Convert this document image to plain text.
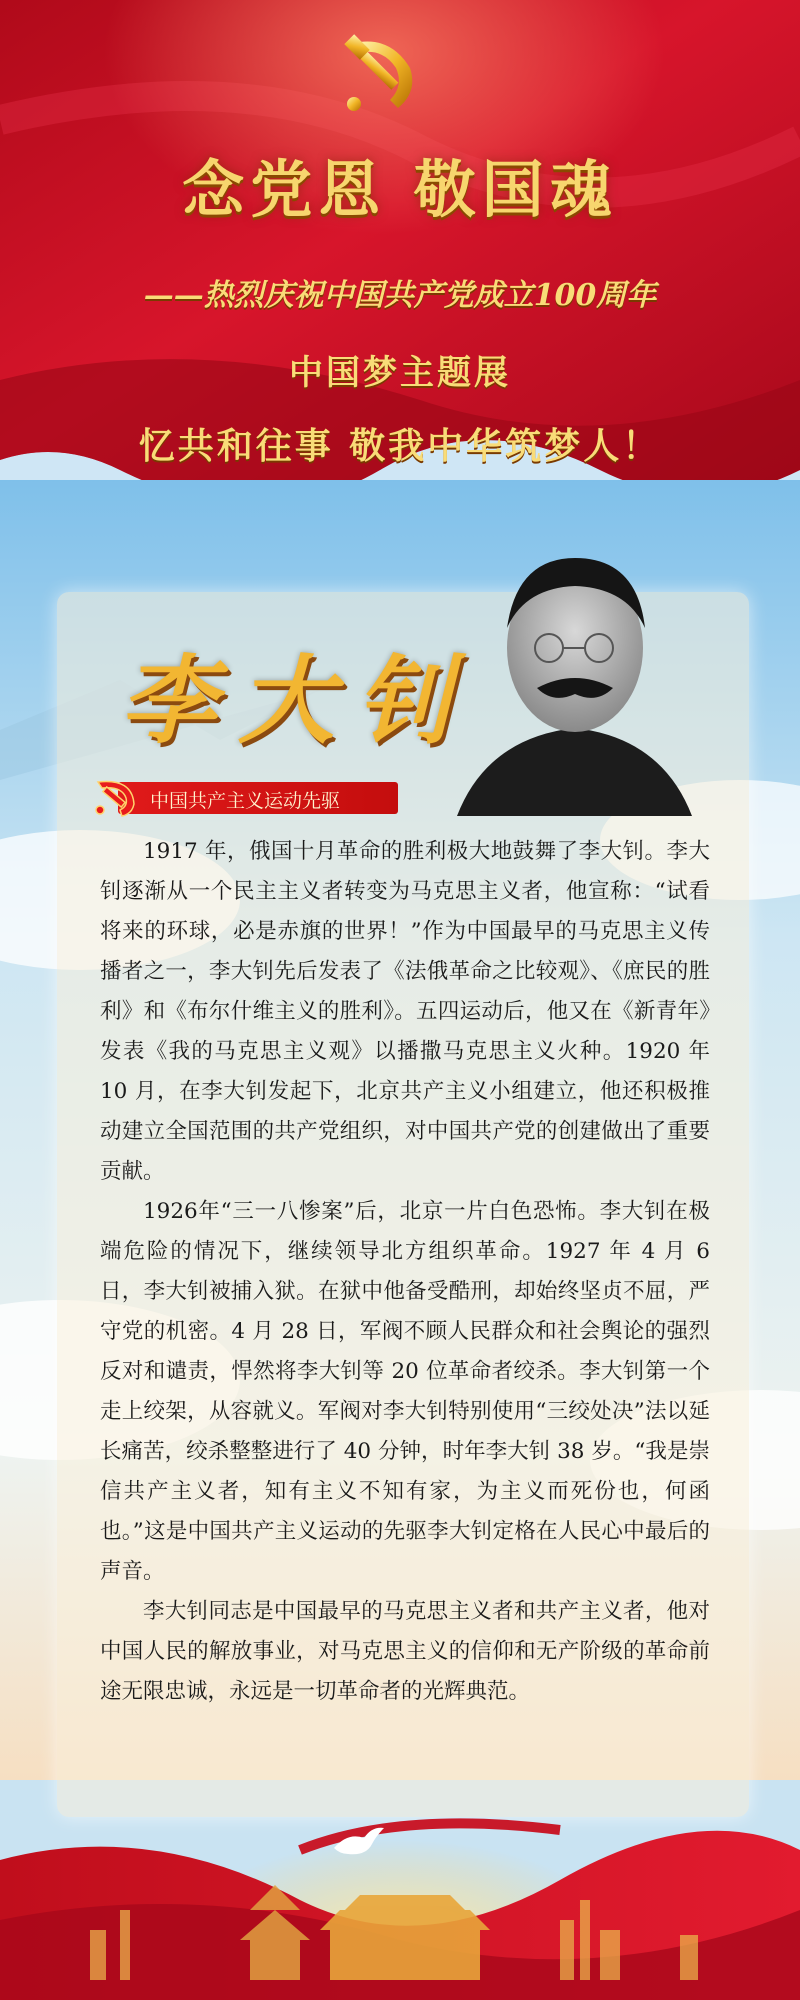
念党恩 敬国魂
——热烈庆祝中国共产党成立100周年
中国梦主题展
忆共和往事 敬我中华筑梦人！
李大钊
中国共产主义运动先驱

1917 年，俄国十月革命的胜利极大地鼓舞了李大钊。李大钊逐渐从一个民主主义者转变为马克思主义者，他宣称：“试看将来的环球，必是赤旗的世界！”作为中国最早的马克思主义传播者之一，李大钊先后发表了《法俄革命之比较观》、《庶民的胜利》和《布尔什维主义的胜利》。五四运动后，他又在《新青年》发表《我的马克思主义观》以播撒马克思主义火种。1920 年 10 月，在李大钊发起下，北京共产主义小组建立，他还积极推动建立全国范围的共产党组织，对中国共产党的创建做出了重要贡献。

1926年“三一八惨案”后，北京一片白色恐怖。李大钊在极端危险的情况下，继续领导北方组织革命。1927 年 4 月 6 日，李大钊被捕入狱。在狱中他备受酷刑，却始终坚贞不屈，严守党的机密。4 月 28 日，军阀不顾人民群众和社会舆论的强烈反对和谴责，悍然将李大钊等 20 位革命者绞杀。李大钊第一个走上绞架，从容就义。军阀对李大钊特别使用“三绞处决”法以延长痛苦，绞杀整整进行了 40 分钟，时年李大钊 38 岁。“我是崇信共产主义者，知有主义不知有家，为主义而死份也，何函也。”这是中国共产主义运动的先驱李大钊定格在人民心中最后的声音。

李大钊同志是中国最早的马克思主义者和共产主义者，他对中国人民的解放事业，对马克思主义的信仰和无产阶级的革命前途无限忠诚，永远是一切革命者的光辉典范。
